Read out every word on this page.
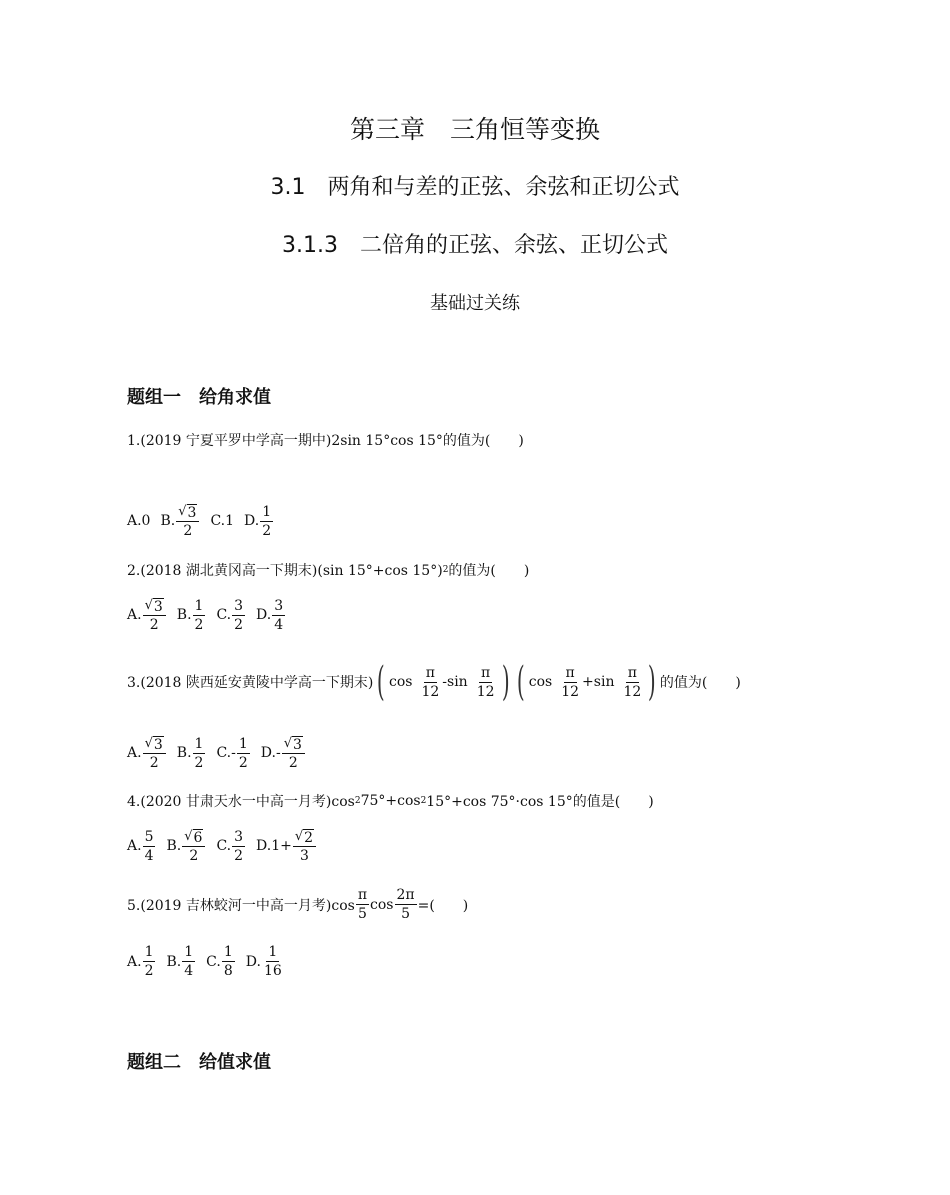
第三章　三角恒等变换
3.1　两角和与差的正弦、余弦和正切公式
3.1.3　二倍角的正弦、余弦、正切公式
基础过关练
题组一　给角求值
1.(2019 宁夏平罗中学高一期中)2sin 15°cos 15°的值为(　　)
A.0 B. $\frac{√ 3}{2} C.1$ D. $\frac{1}{2}$
2.(2018 湖北黄冈高一下期末)(sin 15°+cos 15°) 2 的值为(　　)
A. $\frac{√ 3}{2} B$. $\frac{1}{2} C$. $\frac{3}{2} D$. $\frac{3}{4}$
3.(2018 陕西延安黄陵中学高一下期末) ( $\cos \frac{\pi}{12}$ - $\sin \frac{\pi}{12}$ ) ( $\cos \frac{\pi}{12} + \sin \frac{\pi}{12}$ ) 的值为(　　)
A. $\frac{√ 3}{2} B$. $\frac{1}{2} C.- \frac{1}{2} D.- \frac{√ 3}{2}$
4.(2020 甘肃天水一中高一月考)cos 2 75°+cos 2 15°+cos 75°·cos 15°的值是(　　)
A. $\frac{5}{4} B$. $\frac{√ 6}{2} C$. $\frac{3}{2} D.1+ \frac{√ 2}{3}$
5.(2019 吉林蛟河一中高一月考)$\cos \frac{\pi}{5}$ $\cos \frac{2\pi}{5}$ =(　　)
A. $\frac{1}{2} B$. $\frac{1}{4} C$. $\frac{1}{8} D$. $\frac{1}{16}$
题组二　给值求值
